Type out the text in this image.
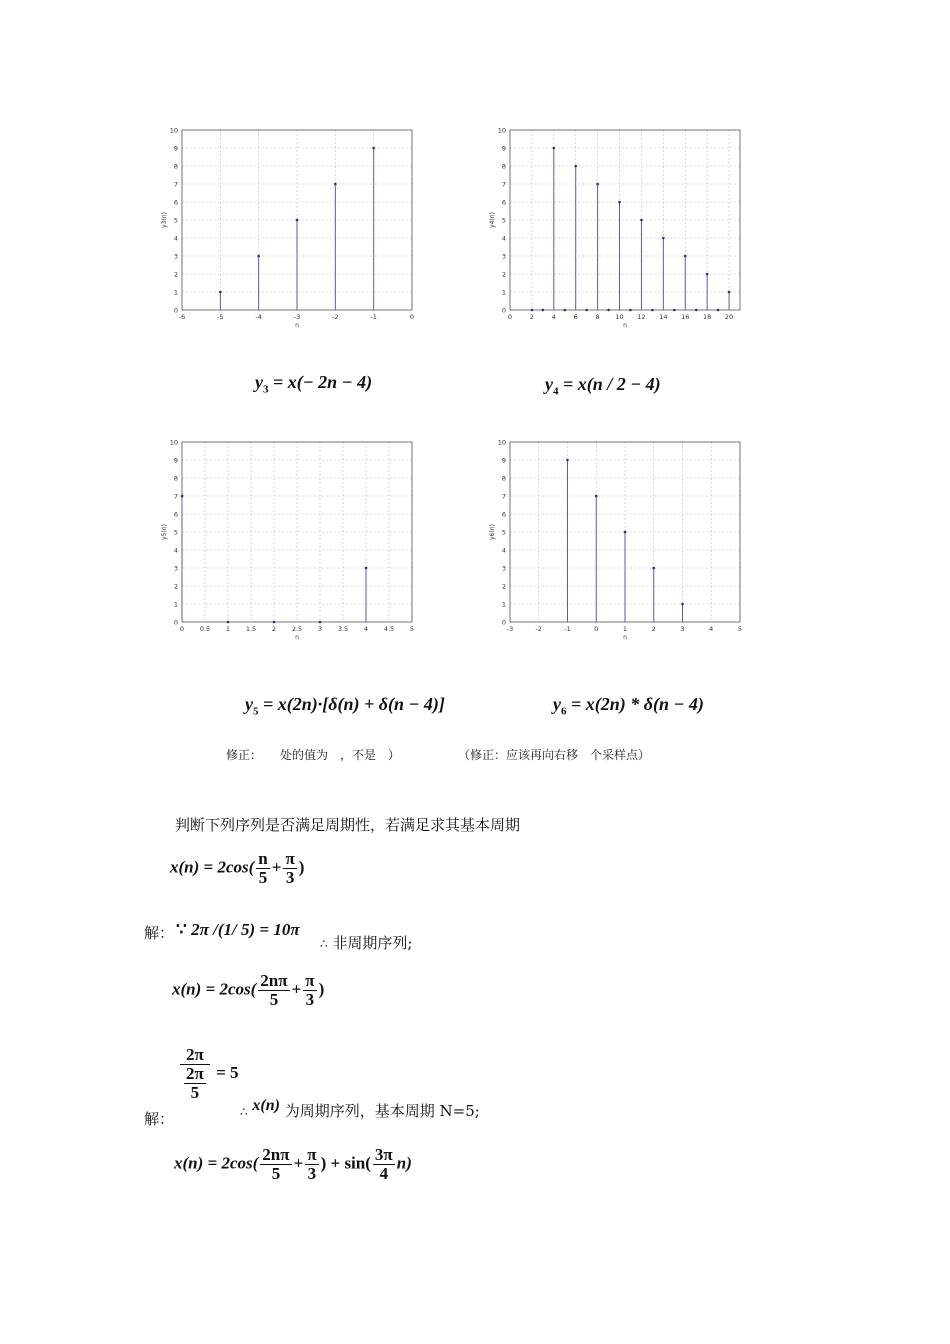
-6	-5	-4	-3	-2	-1	0
0
1
2
3
4
5
6
7
8
9
10
n
y3(n)
0	2	4	6	8 10 12 14 16 18 20
0
1
2
3
4
5
6
7
8
9
10
n
y4(n)
0 0.5 1 1.5 2 2.5 3 3.5 4 4.5 5
0
1
2
3
4
5
6
7
8
9
10
n
y5(n)
-3	-2	-1	0	1	2	3	4	5
0
1
2
3
4
5
6
7
8
9
10
n
y6(n)
$y_3 = x(- 2n - 4)$	$y_4 = x(n / 2 - 4)$
$y_5 = x(2n)\cdot[\delta(n) + \delta(n - 4)]$	$y_6 = x(2n) * \delta(n - 4)$
修正：　　处的值为　，不是　）	（修正：应该再向右移　个采样点）
判断下列序列是否满足周期性，若满足求其基本周期
$x(n) = 2\cos( \frac{n}{5} + \frac{\pi}{3}$ )
解： ∵ 2π /(1/ 5) = 10π
∴ 非周期序列;
$x(n) = 2\cos( \frac{2n\pi}{5} + \frac{\pi}{3}$ )
2π
2π
5 = 5
解：	∴ x(n) 为周期序列，基本周期 N=5;
$x(n) = 2\cos( \frac{2n\pi}{5} + \frac{\pi}{3}$ ) + $\sin( \frac{3\pi}{4} n)$
